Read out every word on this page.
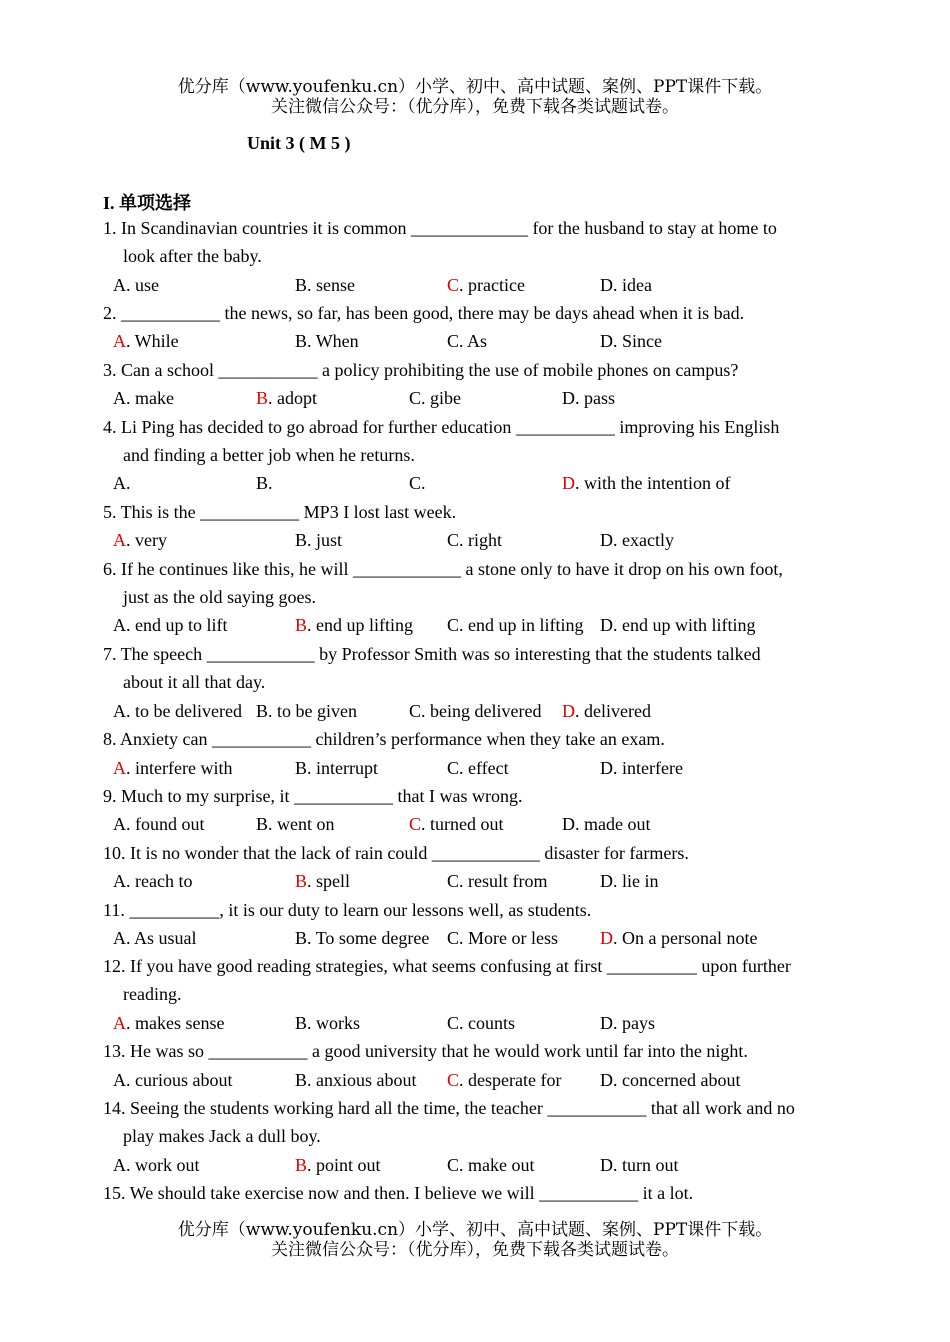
优分库（www.youfenku.cn）小学、初中、高中试题、案例、PPT课件下载。
关注微信公众号：（优分库），免费下载各类试题试卷。
Unit 3 ( M 5 )
I. 单项选择
1. In Scandinavian countries it is common _____________ for the husband to stay at home to
look after the baby.
A. use	B. sense	C. practice	D. idea
2. ___________ the news, so far, has been good, there may be days ahead when it is bad.
A. While	B. When	C. As	D. Since
3. Can a school ___________ a policy prohibiting the use of mobile phones on campus?
A. make	B. adopt	C. gibe	D. pass
4. Li Ping has decided to go abroad for further education ___________ improving his English
and finding a better job when he returns.
A.	B.	C.	D. with the intention of
5. This is the ___________ MP3 I lost last week.
A. very	B. just	C. right	D. exactly
6. If he continues like this, he will ____________ a stone only to have it drop on his own foot,
just as the old saying goes.
A. end up to lift	B. end up lifting C. end up in lifting D. end up with lifting
7. The speech ____________ by Professor Smith was so interesting that the students talked
about it all that day.
A. to be delivered B. to be given	C. being delivered D. delivered
8. Anxiety can ___________ children’s performance when they take an exam.
A. interfere with	B. interrupt	C. effect	D. interfere
9. Much to my surprise, it ___________ that I was wrong.
A. found out	B. went on	C. turned out	D. made out
10. It is no wonder that the lack of rain could ____________ disaster for farmers.
A. reach to	B. spell	C. result from	D. lie in
11. __________, it is our duty to learn our lessons well, as students.
A. As usual	B. To some degree C. More or less D. On a personal note
12. If you have good reading strategies, what seems confusing at first __________ upon further
reading.
A. makes sense	B. works	C. counts	D. pays
13. He was so ___________ a good university that he would work until far into the night.
A. curious about	B. anxious about C. desperate for D. concerned about
14. Seeing the students working hard all the time, the teacher ___________ that all work and no
play makes Jack a dull boy.
A. work out	B. point out	C. make out	D. turn out
15. We should take exercise now and then. I believe we will ___________ it a lot.
优分库（www.youfenku.cn）小学、初中、高中试题、案例、PPT课件下载。
关注微信公众号：（优分库），免费下载各类试题试卷。
